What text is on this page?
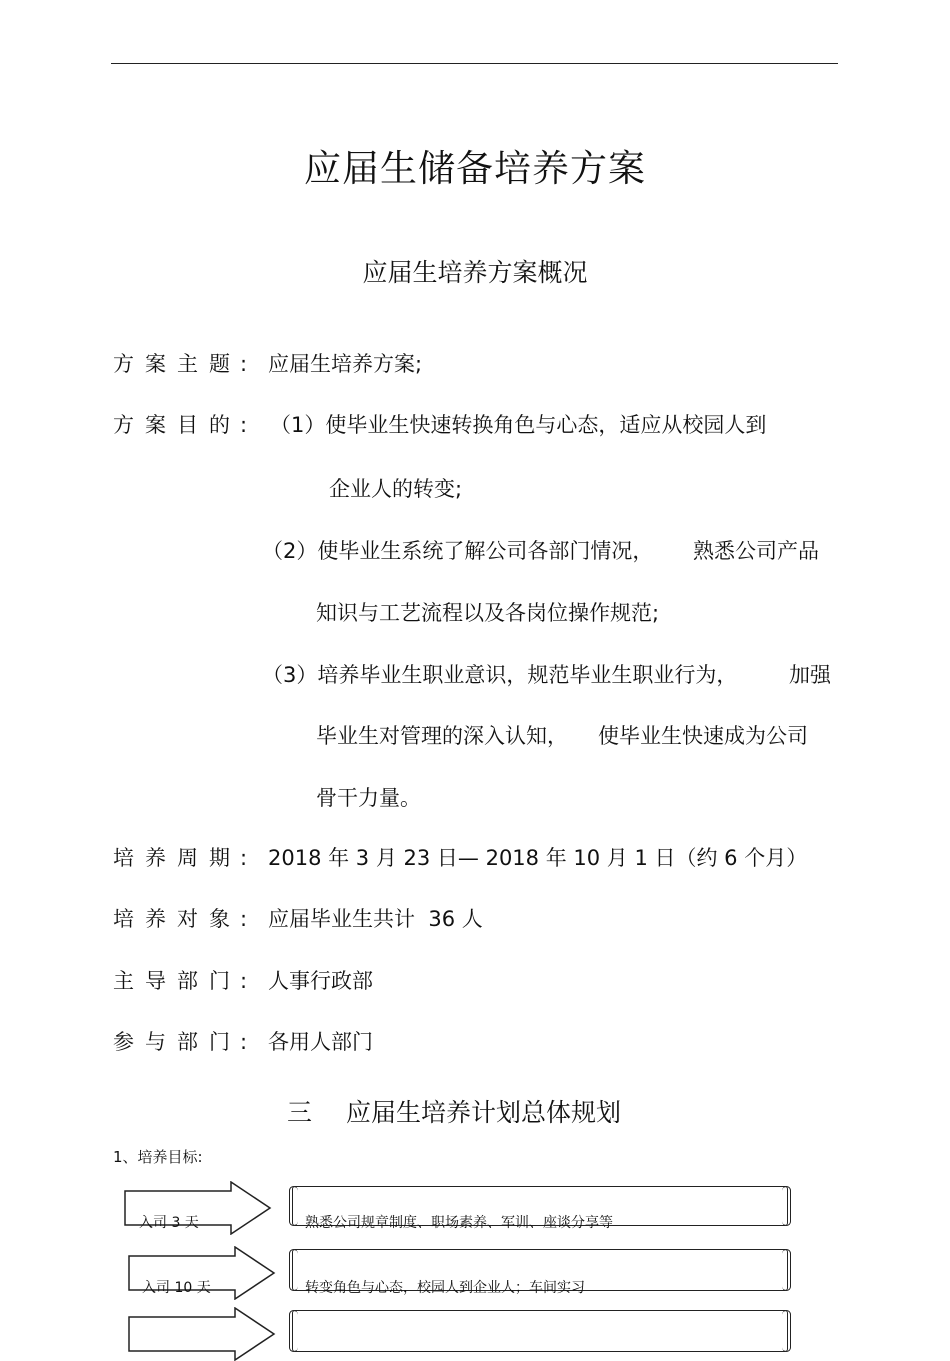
应届生储备培养方案
应届生培养方案概况
方案主题 : 应届生培养方案;
方案目的 : （1）使毕业生快速转换角色与心态，适应从校园人到
企业人的转变;
（2）使毕业生系统了解公司各部门情况， 熟悉公司产品
知识与工艺流程以及各岗位操作规范;
（3）培养毕业生职业意识，规范毕业生职业行为， 加强
毕业生对管理的深入认知， 使毕业生快速成为公司
骨干力量。
培养周期 : 2018 年 3 月 23 日— 2018 年 10 月 1 日（约 6 个月）
培养对象 : 应届毕业生共计  36 人
主导部门 : 人事行政部
参与部门 : 各用人部门
三 应届生培养计划总体规划
1、培养目标:
入司 3 天	熟悉公司规章制度、职场素养、军训、座谈分享等
入司 10 天	转变角色与心态，校园人到企业人；车间实习
